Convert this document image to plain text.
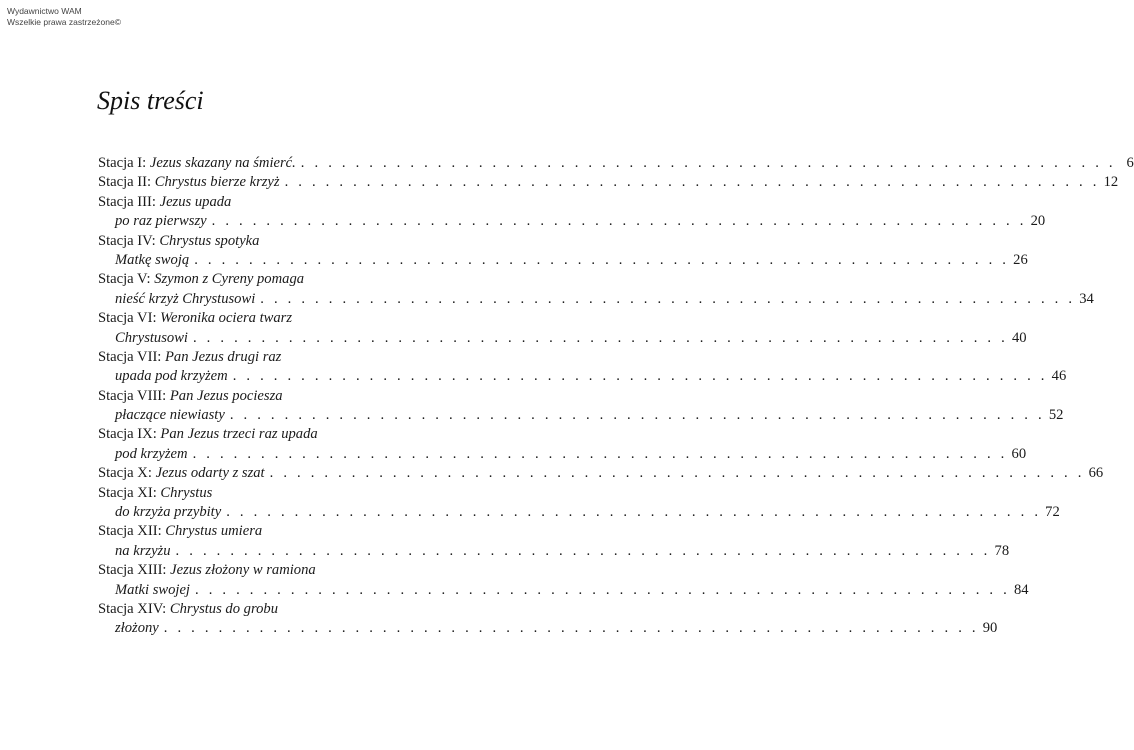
Wydawnictwo WAM
Wszelkie prawa zastrzeżone©
Spis treści
Stacja I: Jezus skazany na śmierć. . . . . . . . . . . . . . . . . . . . . . . . . . . . . . . . . . . . . . . . . . . . . . . . . . . . . . . . . . . . . 6
Stacja II: Chrystus bierze krzyż . . . . . . . . . . . . . . . . . . . . . . . . . . . . . . . . . . . . . . . . . . . . . . . . . . . . . . . . . . . . 12
Stacja III: Jezus upada
po raz pierwszy . . . . . . . . . . . . . . . . . . . . . . . . . . . . . . . . . . . . . . . . . . . . . . . . . . . . . . . . . . . . 20
Stacja IV: Chrystus spotyka
Matkę swoją . . . . . . . . . . . . . . . . . . . . . . . . . . . . . . . . . . . . . . . . . . . . . . . . . . . . . . . . . . . . 26
Stacja V: Szymon z Cyreny pomaga
nieść krzyż Chrystusowi . . . . . . . . . . . . . . . . . . . . . . . . . . . . . . . . . . . . . . . . . . . . . . . . . . . . . . . . . . . . 34
Stacja VI: Weronika ociera twarz
Chrystusowi . . . . . . . . . . . . . . . . . . . . . . . . . . . . . . . . . . . . . . . . . . . . . . . . . . . . . . . . . . . . 40
Stacja VII: Pan Jezus drugi raz
upada pod krzyżem . . . . . . . . . . . . . . . . . . . . . . . . . . . . . . . . . . . . . . . . . . . . . . . . . . . . . . . . . . . . 46
Stacja VIII: Pan Jezus pociesza
płaczące niewiasty . . . . . . . . . . . . . . . . . . . . . . . . . . . . . . . . . . . . . . . . . . . . . . . . . . . . . . . . . . . . 52
Stacja IX: Pan Jezus trzeci raz upada
pod krzyżem . . . . . . . . . . . . . . . . . . . . . . . . . . . . . . . . . . . . . . . . . . . . . . . . . . . . . . . . . . . . 60
Stacja X: Jezus odarty z szat . . . . . . . . . . . . . . . . . . . . . . . . . . . . . . . . . . . . . . . . . . . . . . . . . . . . . . . . . . . . 66
Stacja XI: Chrystus
do krzyża przybity . . . . . . . . . . . . . . . . . . . . . . . . . . . . . . . . . . . . . . . . . . . . . . . . . . . . . . . . . . . . 72
Stacja XII: Chrystus umiera
na krzyżu . . . . . . . . . . . . . . . . . . . . . . . . . . . . . . . . . . . . . . . . . . . . . . . . . . . . . . . . . . . . 78
Stacja XIII: Jezus złożony w ramiona
Matki swojej . . . . . . . . . . . . . . . . . . . . . . . . . . . . . . . . . . . . . . . . . . . . . . . . . . . . . . . . . . . . 84
Stacja XIV: Chrystus do grobu
złożony . . . . . . . . . . . . . . . . . . . . . . . . . . . . . . . . . . . . . . . . . . . . . . . . . . . . . . . . . . . . 90
